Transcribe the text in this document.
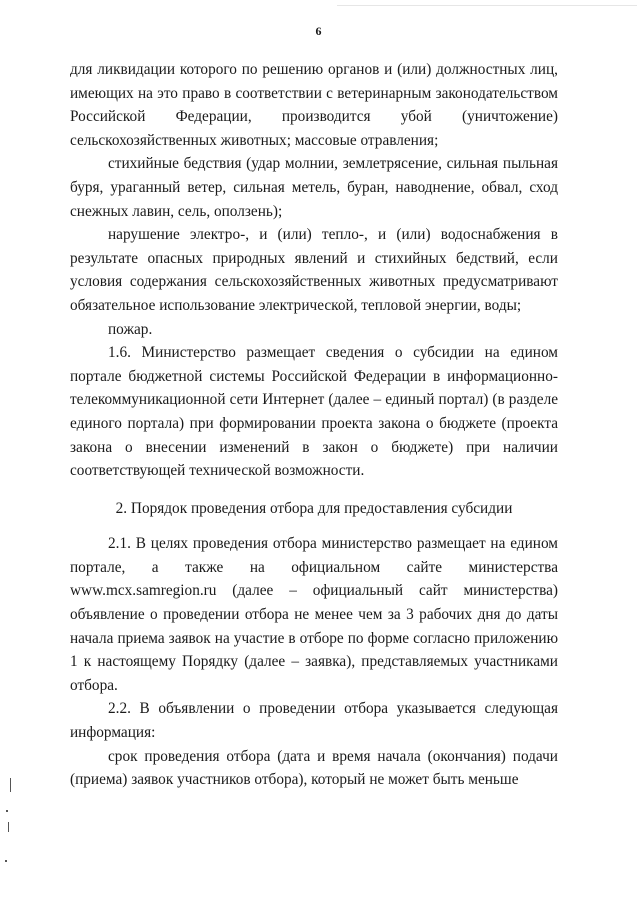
6

для ликвидации которого по решению органов и (или) должностных лиц, имеющих на это право в соответствии с ветеринарным законодательством Российской Федерации, производится убой (уничтожение) сельскохозяйственных животных; массовые отравления;

стихийные бедствия (удар молнии, землетрясение, сильная пыльная буря, ураганный ветер, сильная метель, буран, наводнение, обвал, сход снежных лавин, сель, оползень);

нарушение электро-, и (или) тепло-, и (или) водоснабжения в результате опасных природных явлений и стихийных бедствий, если условия содержания сельскохозяйственных животных предусматривают обязательное использование электрической, тепловой энергии, воды;

пожар.

1.6. Министерство размещает сведения о субсидии на едином портале бюджетной системы Российской Федерации в информационно-телекоммуникационной сети Интернет (далее – единый портал) (в разделе единого портала) при формировании проекта закона о бюджете (проекта закона о внесении изменений в закон о бюджете) при наличии соответствующей технической возможности.

2. Порядок проведения отбора для предоставления субсидии

2.1. В целях проведения отбора министерство размещает на едином

портале, а также на официальном сайте министерства

www.mcx.samregion.ru (далее – официальный сайт министерства) объявление о проведении отбора не менее чем за 3 рабочих дня до даты начала приема заявок на участие в отборе по форме согласно приложению 1 к настоящему Порядку (далее – заявка), представляемых участниками отбора.

2.2. В объявлении о проведении отбора указывается следующая информация:

срок проведения отбора (дата и время начала (окончания) подачи (приема) заявок участников отбора), который не может быть меньше
